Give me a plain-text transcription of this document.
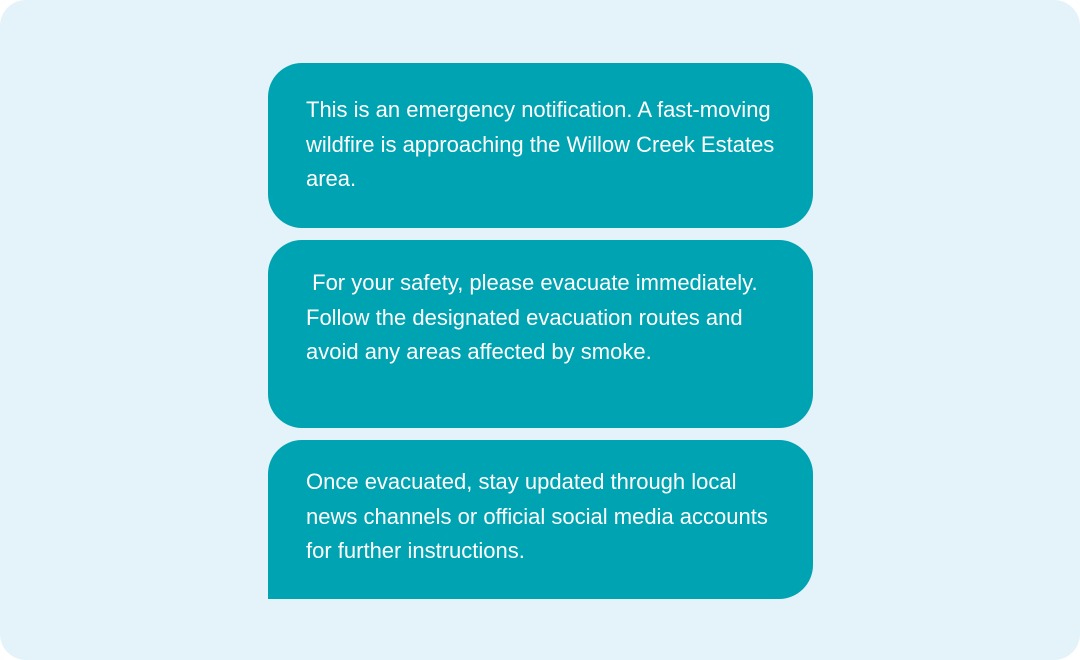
This is an emergency notification. A fast-moving wildfire is approaching the Willow Creek Estates area.

For your safety, please evacuate immediately. Follow the designated evacuation routes and avoid any areas affected by smoke.

Once evacuated, stay updated through local news channels or official social media accounts for further instructions.
